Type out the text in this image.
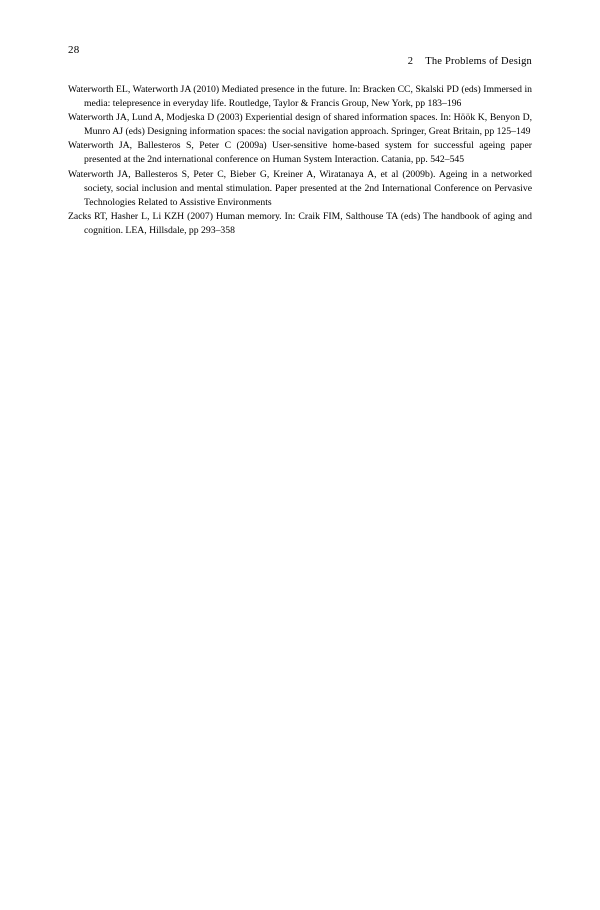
28

2 The Problems of Design

Waterworth EL, Waterworth JA (2010) Mediated presence in the future. In: Bracken CC, Skalski PD (eds) Immersed in media: telepresence in everyday life. Routledge, Taylor & Francis Group, New York, pp 183–196

Waterworth JA, Lund A, Modjeska D (2003) Experiential design of shared information spaces. In: Höök K, Benyon D, Munro AJ (eds) Designing information spaces: the social navigation approach. Springer, Great Britain, pp 125–149

Waterworth JA, Ballesteros S, Peter C (2009a) User-sensitive home-based system for successful ageing paper presented at the 2nd international conference on Human System Interaction. Catania, pp. 542–545

Waterworth JA, Ballesteros S, Peter C, Bieber G, Kreiner A, Wiratanaya A, et al (2009b). Ageing in a networked society, social inclusion and mental stimulation. Paper presented at the 2nd International Conference on Pervasive Technologies Related to Assistive Environments

Zacks RT, Hasher L, Li KZH (2007) Human memory. In: Craik FIM, Salthouse TA (eds) The handbook of aging and cognition. LEA, Hillsdale, pp 293–358
